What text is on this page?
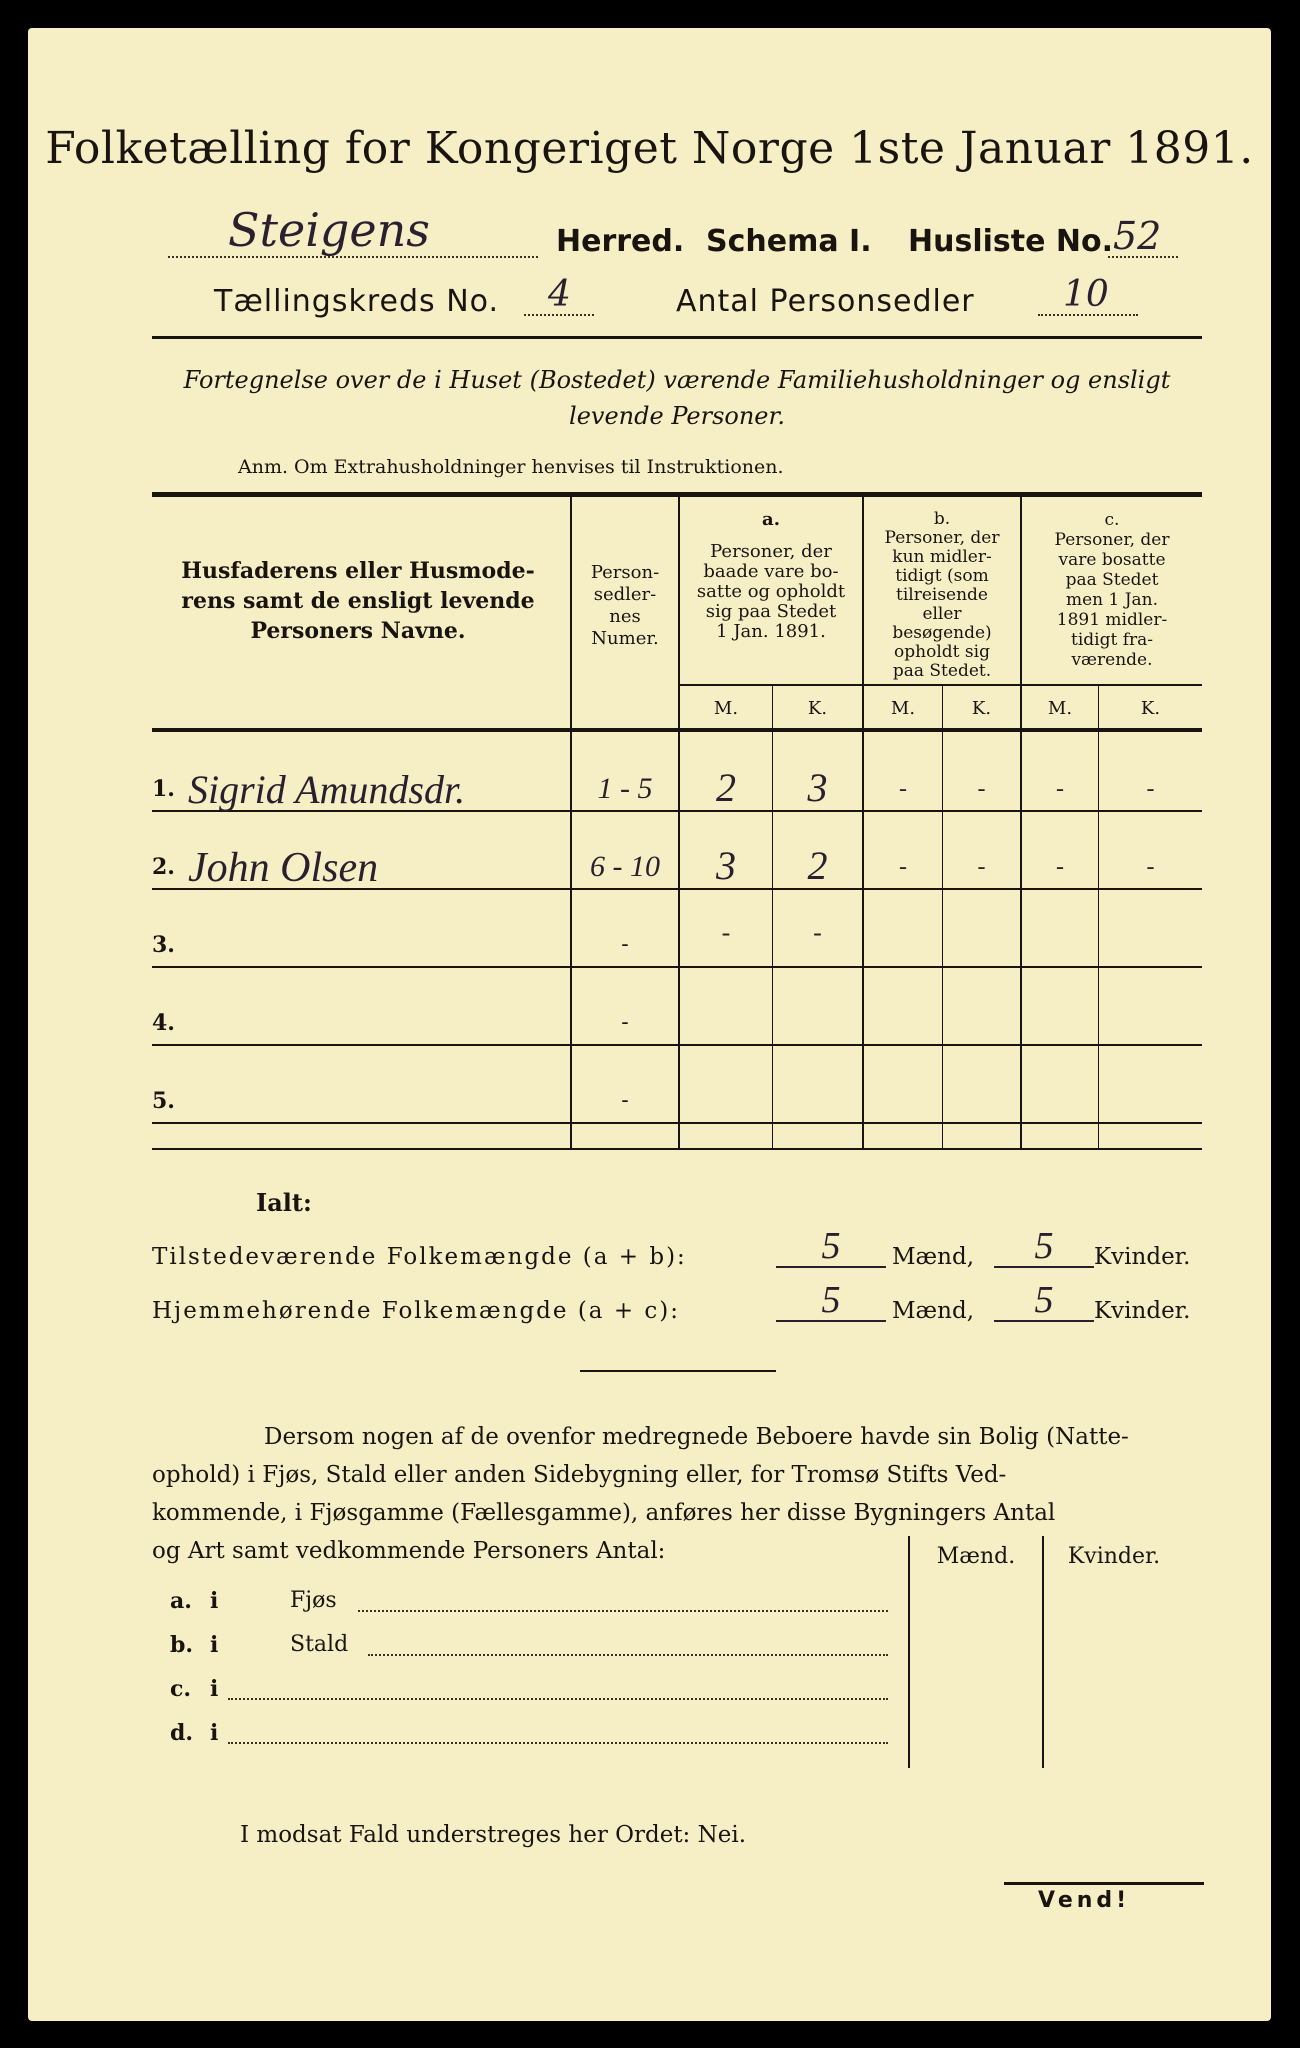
Folketælling for Kongeriget Norge 1ste Januar 1891.
Steigens	Herred. Schema I. Husliste No. 52
Tællingskreds No. 4	Antal Personsedler 10
Fortegnelse over de i Huset (Bostedet) værende Familiehusholdninger og ensligt
levende Personer.
Anm. Om Extrahusholdninger henvises til Instruktionen.
Husfaderens eller Husmode-
rens samt de ensligt levende
Personers Navne.
Person-
sedler-
nes
Numer.
a.
Personer, der
baade vare bo-
satte og opholdt
sig paa Stedet
1 Jan. 1891.
b.
Personer, der
kun midler-
tidigt (som
tilreisende
eller
besøgende)
opholdt sig
paa Stedet.
c.
Personer, der
vare bosatte
paa Stedet
men 1 Jan.
1891 midler-
tidigt fra-
værende.
M.	K.	M.	K.	M.	K.
1. Sigrid Amundsdr.	1 - 5	2	3	-	-	-	-
2. John Olsen	6 - 10	3	2	-	-	-	-
3.	-	-	-
4.	-
5.	-
Ialt:
Tilstedeværende Folkemængde (a + b):	5	Mænd,	5	Kvinder.
Hjemmehørende Folkemængde (a + c):	5	Mænd,	5	Kvinder.
Dersom nogen af de ovenfor medregnede Beboere havde sin Bolig (Natte-
ophold) i Fjøs, Stald eller anden Sidebygning eller, for Tromsø Stifts Ved-
kommende, i Fjøsgamme (Fællesgamme), anføres her disse Bygningers Antal
og Art samt vedkommende Personers Antal:	Mænd.	Kvinder.
a. i	Fjøs
b. i	Stald
c. i
d. i
I modsat Fald understreges her Ordet: Nei.
Vend!
